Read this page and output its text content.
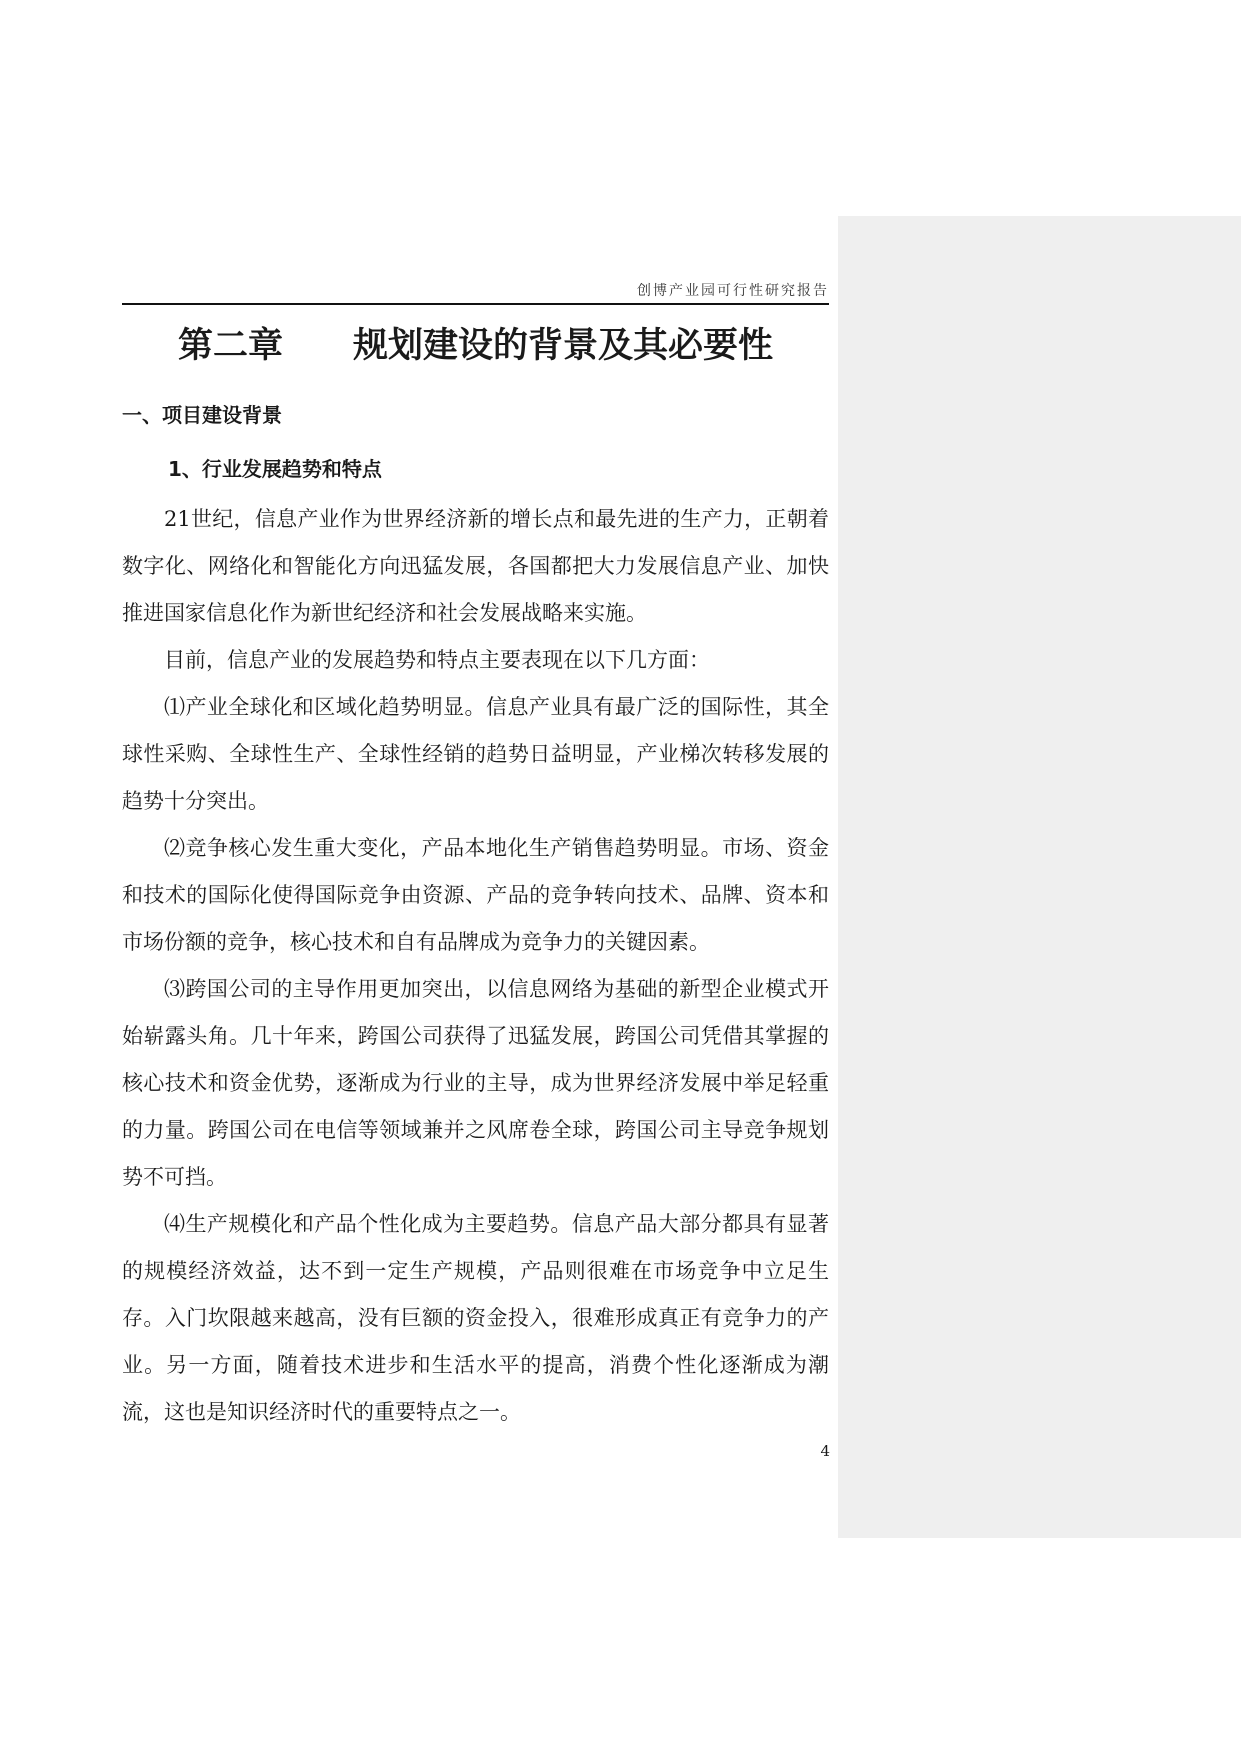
创博产业园可行性研究报告
第二章　　规划建设的背景及其必要性
一、项目建设背景
1、行业发展趋势和特点

21世纪，信息产业作为世界经济新的增长点和最先进的生产力，正朝着数字化、网络化和智能化方向迅猛发展，各国都把大力发展信息产业、加快推进国家信息化作为新世纪经济和社会发展战略来实施。

目前，信息产业的发展趋势和特点主要表现在以下几方面：

⑴产业全球化和区域化趋势明显。信息产业具有最广泛的国际性，其全球性采购、全球性生产、全球性经销的趋势日益明显，产业梯次转移发展的趋势十分突出。

⑵竞争核心发生重大变化，产品本地化生产销售趋势明显。市场、资金和技术的国际化使得国际竞争由资源、产品的竞争转向技术、品牌、资本和市场份额的竞争，核心技术和自有品牌成为竞争力的关键因素。

⑶跨国公司的主导作用更加突出，以信息网络为基础的新型企业模式开始崭露头角。几十年来，跨国公司获得了迅猛发展，跨国公司凭借其掌握的核心技术和资金优势，逐渐成为行业的主导，成为世界经济发展中举足轻重的力量。跨国公司在电信等领域兼并之风席卷全球，跨国公司主导竞争规划势不可挡。

⑷生产规模化和产品个性化成为主要趋势。信息产品大部分都具有显著的规模经济效益，达不到一定生产规模，产品则很难在市场竞争中立足生存。入门坎限越来越高，没有巨额的资金投入，很难形成真正有竞争力的产业。另一方面，随着技术进步和生活水平的提高，消费个性化逐渐成为潮流，这也是知识经济时代的重要特点之一。

4
